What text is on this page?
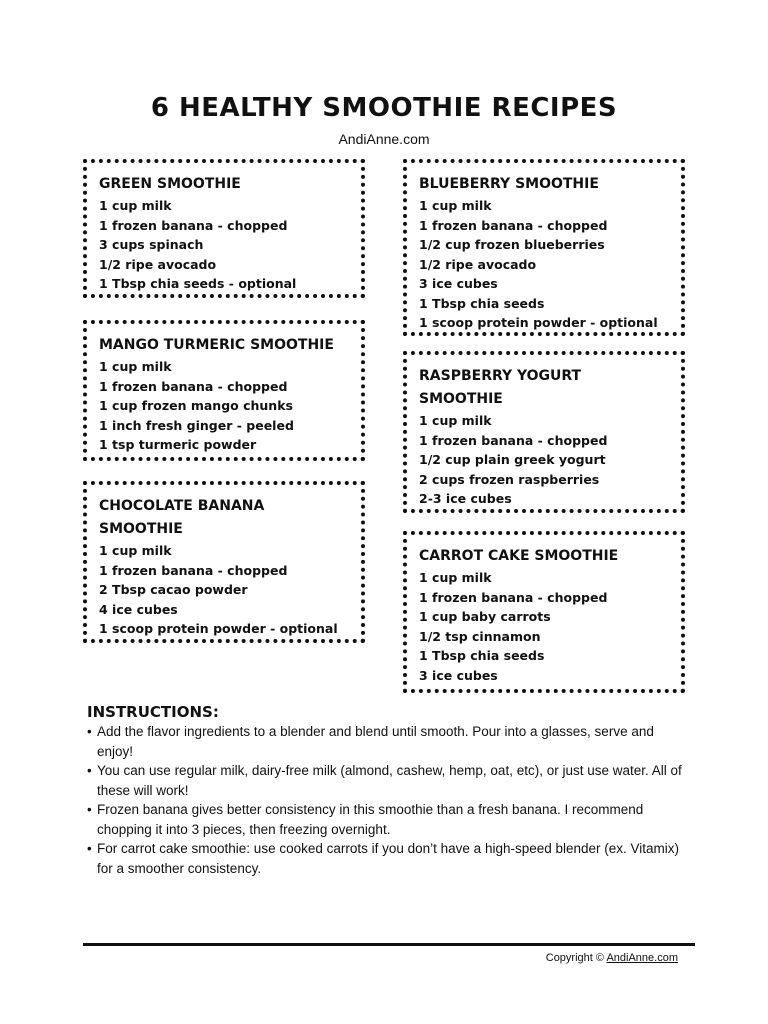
6 HEALTHY SMOOTHIE RECIPES
AndiAnne.com
GREEN SMOOTHIE
1 cup milk
1 frozen banana - chopped
3 cups spinach
1/2 ripe avocado
1 Tbsp chia seeds - optional
MANGO TURMERIC SMOOTHIE
1 cup milk
1 frozen banana - chopped
1 cup frozen mango chunks
1 inch fresh ginger - peeled
1 tsp turmeric powder
CHOCOLATE BANANA SMOOTHIE
1 cup milk
1 frozen banana - chopped
2 Tbsp cacao powder
4 ice cubes
1 scoop protein powder - optional
BLUEBERRY SMOOTHIE
1 cup milk
1 frozen banana - chopped
1/2 cup frozen blueberries
1/2 ripe avocado
3 ice cubes
1 Tbsp chia seeds
1 scoop protein powder - optional
RASPBERRY YOGURT SMOOTHIE
1 cup milk
1 frozen banana - chopped
1/2 cup plain greek yogurt
2 cups frozen raspberries
2-3 ice cubes
CARROT CAKE SMOOTHIE
1 cup milk
1 frozen banana - chopped
1 cup baby carrots
1/2 tsp cinnamon
1 Tbsp chia seeds
3 ice cubes
INSTRUCTIONS:
• Add the flavor ingredients to a blender and blend until smooth. Pour into a glasses, serve and enjoy!
• You can use regular milk, dairy-free milk (almond, cashew, hemp, oat, etc), or just use water. All of these will work!
• Frozen banana gives better consistency in this smoothie than a fresh banana. I recommend chopping it into 3 pieces, then freezing overnight.
• For carrot cake smoothie: use cooked carrots if you don’t have a high-speed blender (ex. Vitamix) for a smoother consistency.
Copyright © AndiAnne.com
